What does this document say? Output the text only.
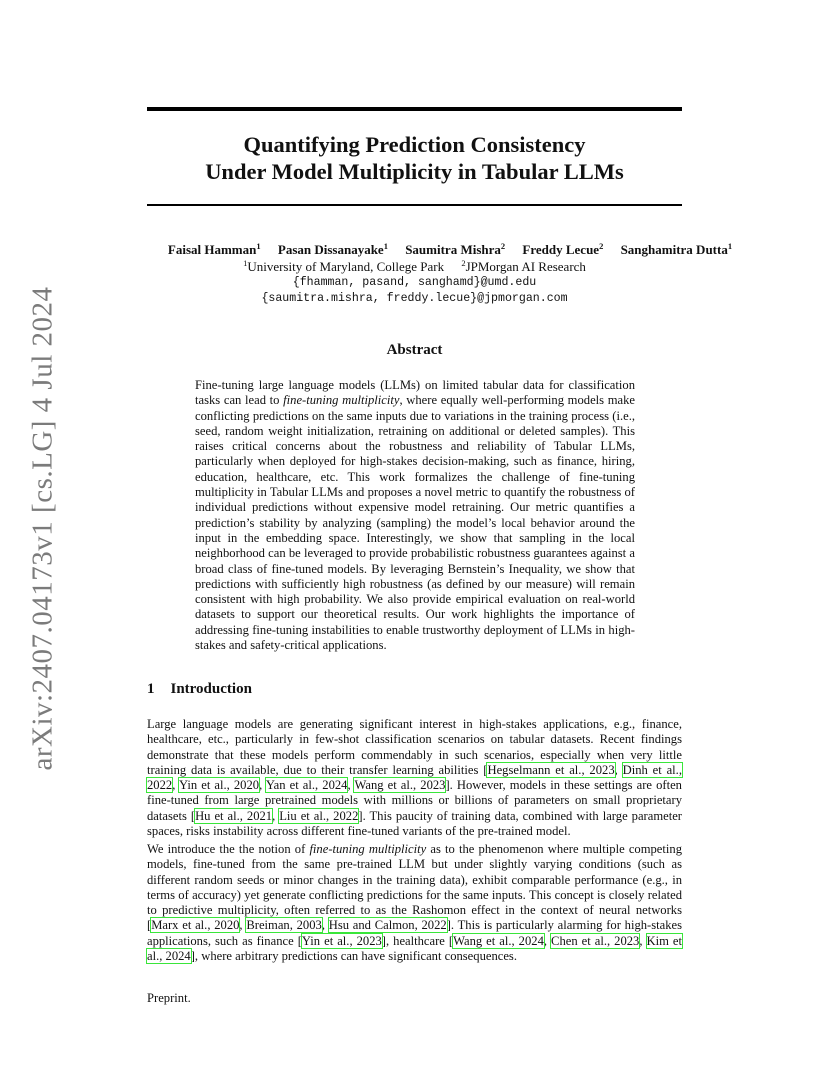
arXiv:2407.04173v1 [cs.LG] 4 Jul 2024
Quantifying Prediction Consistency
Under Model Multiplicity in Tabular LLMs
Faisal Hamman$^1$ Pasan Dissanayake$^1$ Saumitra Mishra$^2$ Freddy Lecue$^2$ Sanghamitra Dutta$^1$
$^1$University of Maryland, College Park $^2$JPMorgan AI Research
{fhamman, pasand, sanghamd}@umd.edu
{saumitra.mishra, freddy.lecue}@jpmorgan.com
Abstract
Fine-tuning large language models (LLMs) on limited tabular data for classification tasks can lead to fine-tuning multiplicity, where equally well-performing models make conflicting predictions on the same inputs due to variations in the training process (i.e., seed, random weight initialization, retraining on additional or deleted samples). This raises critical concerns about the robustness and reliability of Tabular LLMs, particularly when deployed for high-stakes decision-making, such as finance, hiring, education, healthcare, etc. This work formalizes the challenge of fine-tuning multiplicity in Tabular LLMs and proposes a novel metric to quantify the robustness of individual predictions without expensive model retraining. Our metric quantifies a prediction’s stability by analyzing (sampling) the model’s local behavior around the input in the embedding space. Interestingly, we show that sampling in the local neighborhood can be leveraged to provide probabilistic robustness guarantees against a broad class of fine-tuned models. By leveraging Bernstein’s Inequality, we show that predictions with sufficiently high robustness (as defined by our measure) will remain consistent with high probability. We also provide empirical evaluation on real-world datasets to support our theoretical results. Our work highlights the importance of addressing fine-tuning instabilities to enable trustworthy deployment of LLMs in high-stakes and safety-critical applications.
1 Introduction
Large language models are generating significant interest in high-stakes applications, e.g., finance, healthcare, etc., particularly in few-shot classification scenarios on tabular datasets. Recent findings demonstrate that these models perform commendably in such scenarios, especially when very little training data is available, due to their transfer learning abilities [Hegselmann et al., 2023, Dinh et al., 2022, Yin et al., 2020, Yan et al., 2024, Wang et al., 2023]. However, models in these settings are often fine-tuned from large pretrained models with millions or billions of parameters on small proprietary datasets [Hu et al., 2021, Liu et al., 2022]. This paucity of training data, combined with large parameter spaces, risks instability across different fine-tuned variants of the pre-trained model.
We introduce the the notion of fine-tuning multiplicity as to the phenomenon where multiple competing models, fine-tuned from the same pre-trained LLM but under slightly varying conditions (such as different random seeds or minor changes in the training data), exhibit comparable performance (e.g., in terms of accuracy) yet generate conflicting predictions for the same inputs. This concept is closely related to predictive multiplicity, often referred to as the Rashomon effect in the context of neural networks [Marx et al., 2020, Breiman, 2003, Hsu and Calmon, 2022]. This is particularly alarming for high-stakes applications, such as finance [Yin et al., 2023], healthcare [Wang et al., 2024, Chen et al., 2023, Kim et al., 2024], where arbitrary predictions can have significant consequences.
Preprint.
